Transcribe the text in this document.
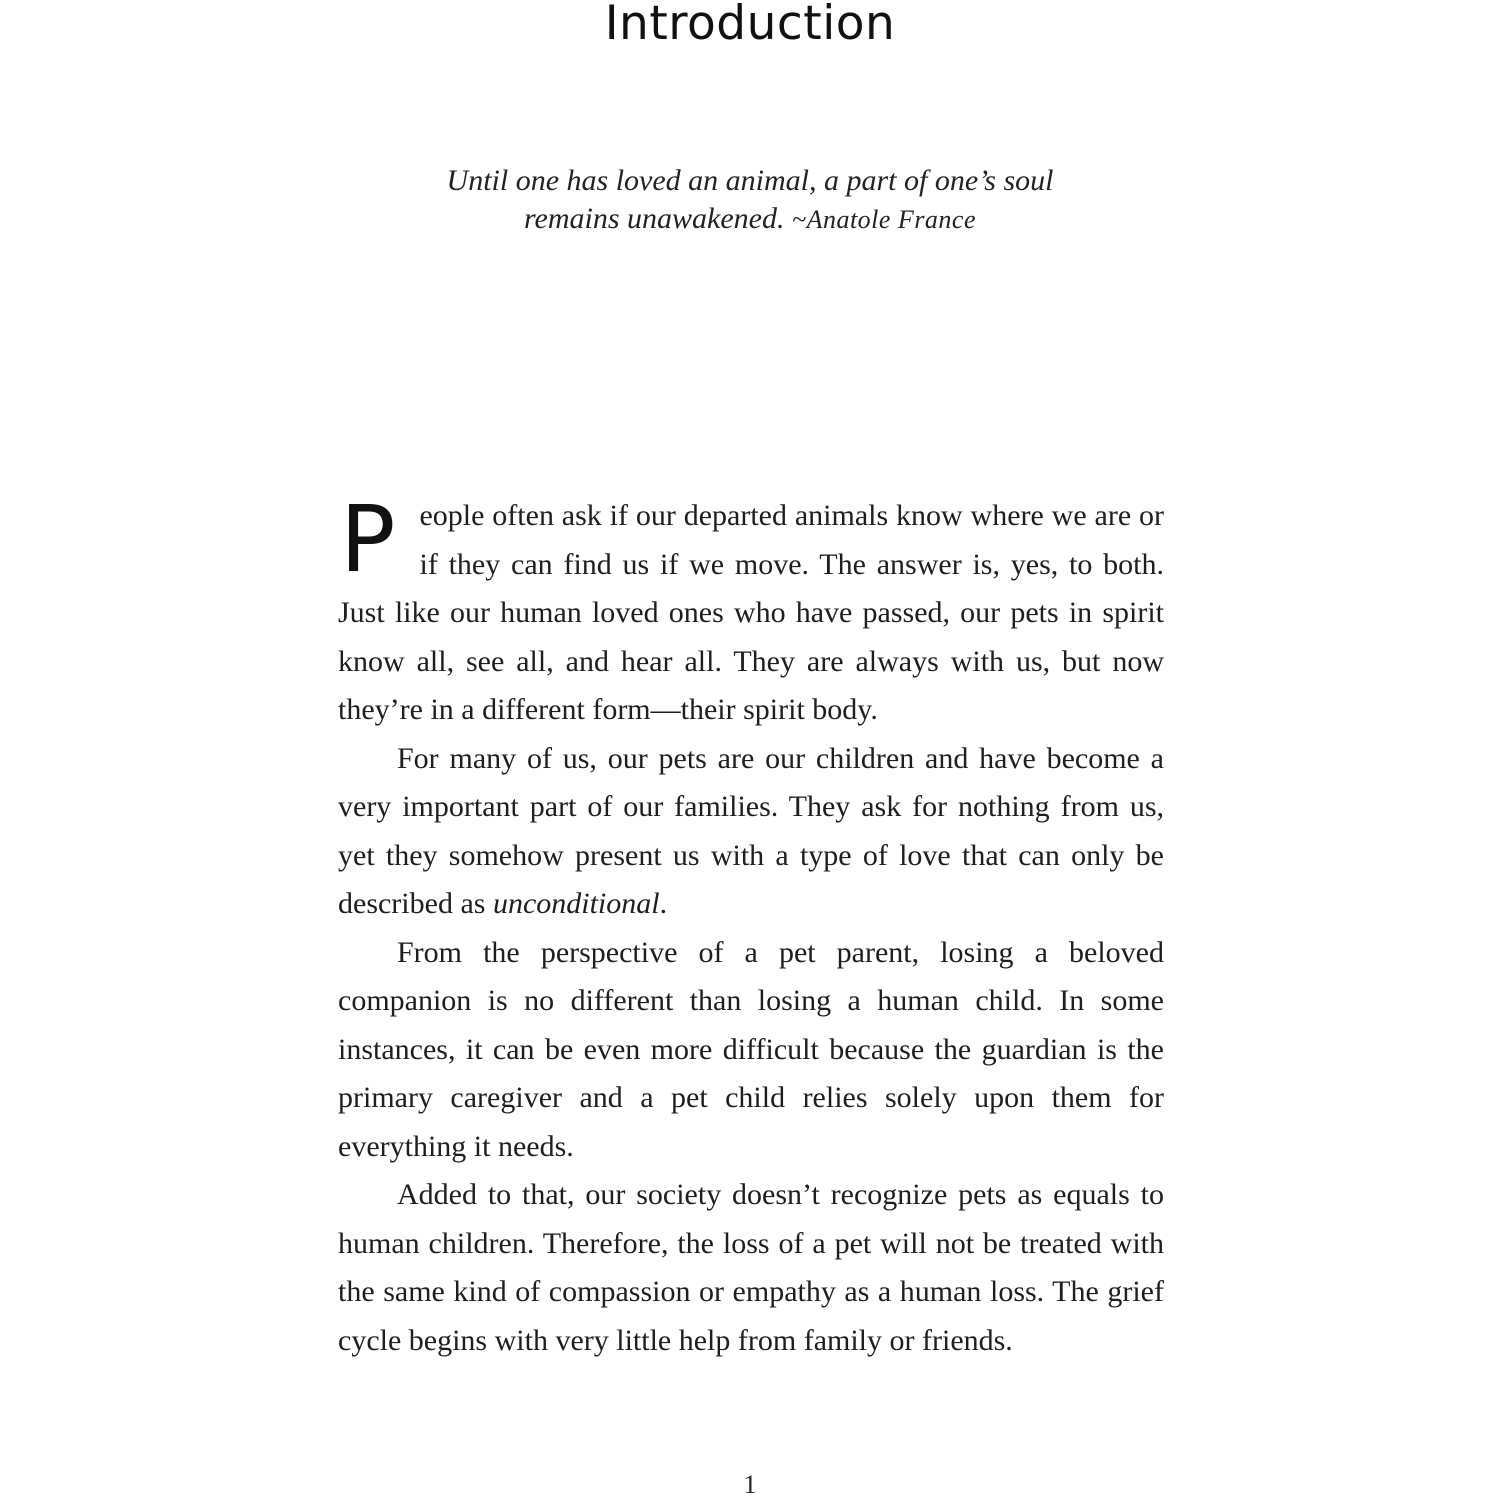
Introduction
Until one has loved an animal, a part of one’s soul
remains unawakened. ~Anatole France

People often ask if our departed animals know where we are or if they can find us if we move. The answer is, yes, to both. Just like our human loved ones who have passed, our pets in spirit know all, see all, and hear all. They are always with us, but now they’re in a different form—their spirit body.

For many of us, our pets are our children and have become a very important part of our families. They ask for nothing from us, yet they somehow present us with a type of love that can only be described as unconditional.

From the perspective of a pet parent, losing a beloved companion is no different than losing a human child. In some instances, it can be even more difficult because the guardian is the primary caregiver and a pet child relies solely upon them for everything it needs.

Added to that, our society doesn’t recognize pets as equals to human children. Therefore, the loss of a pet will not be treated with the same kind of compassion or empathy as a human loss. The grief cycle begins with very little help from family or friends.

1
